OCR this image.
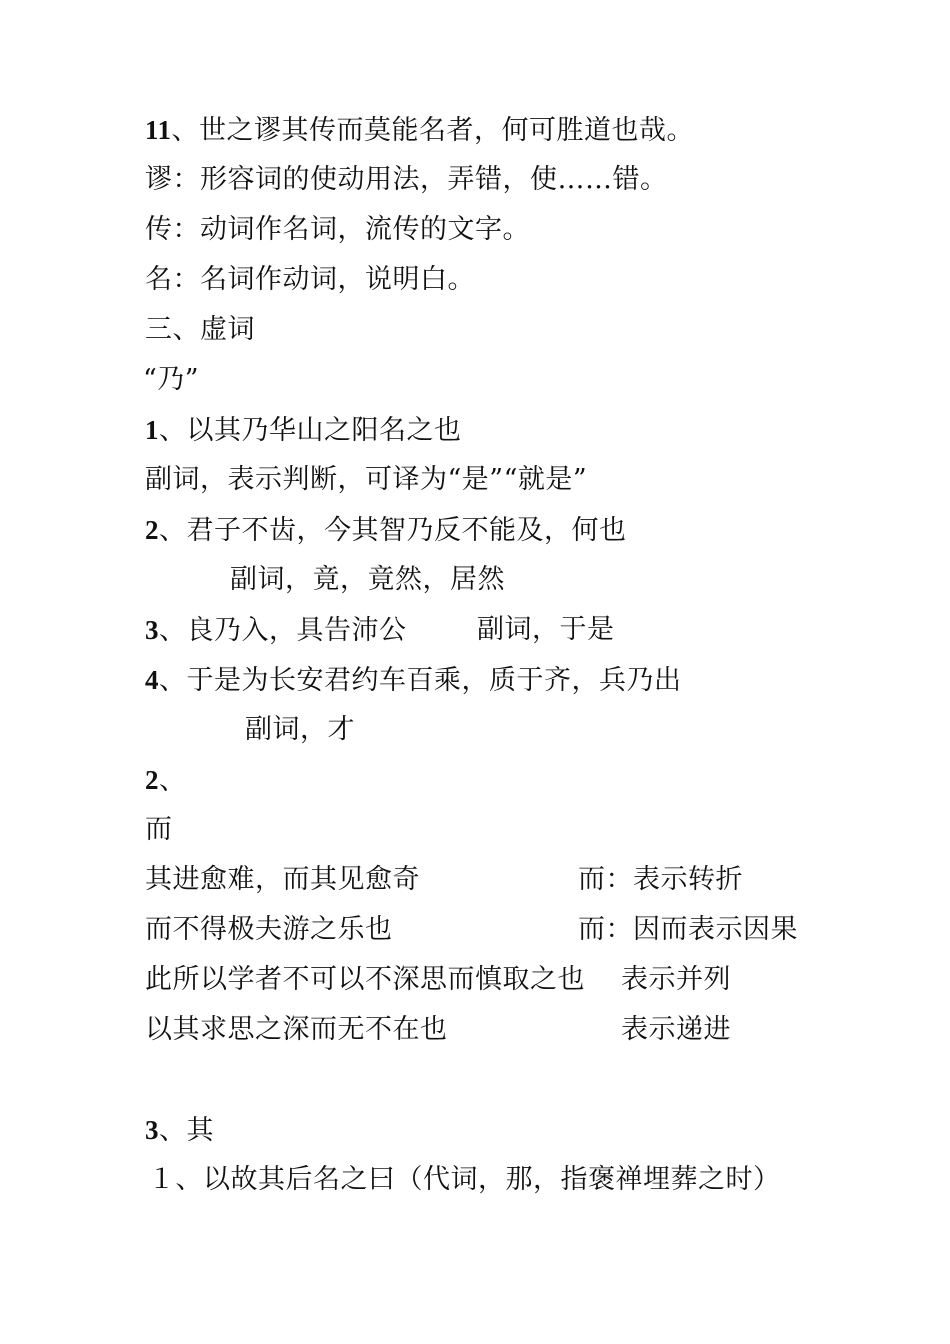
11、世之谬其传而莫能名者，何可胜道也哉。
谬：形容词的使动用法，弄错，使……错。
传：动词作名词，流传的文字。
名：名词作动词，说明白。
三、虚词
“乃”
1、以其乃华山之阳名之也
副词，表示判断，可译为“是”“就是”
2、君子不齿，今其智乃反不能及，何也
副词，竟，竟然，居然
3、良乃入，具告沛公	副词，于是
4、于是为长安君约车百乘，质于齐，兵乃出
副词，才
2、
而
其进愈难，而其见愈奇	而：表示转折
而不得极夫游之乐也	而：因而表示因果
此所以学者不可以不深思而慎取之也 表示并列
以其求思之深而无不在也	表示递进
3、其
１、以故其后名之曰（代词，那，指褒禅埋葬之时）
